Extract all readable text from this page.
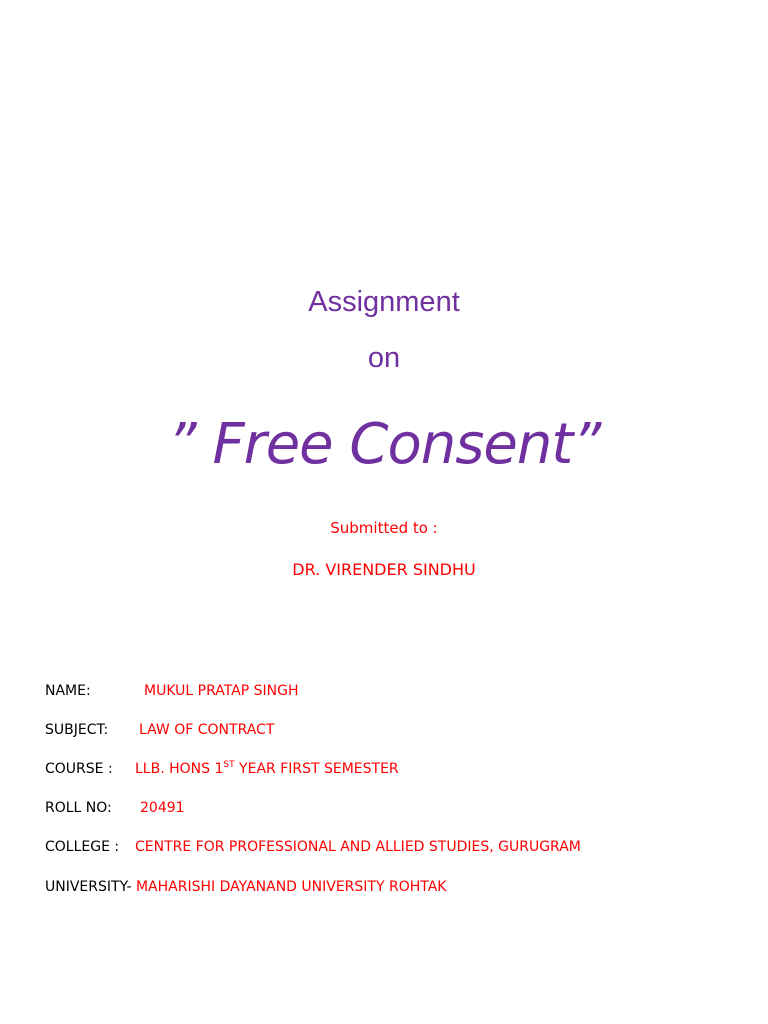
Assignment
on
” Free Consent”
Submitted to :
DR. VIRENDER SINDHU
NAME:	MUKUL PRATAP SINGH
SUBJECT: LAW OF CONTRACT
COURSE : LLB. HONS 1ST YEAR FIRST SEMESTER
ROLL NO: 20491
COLLEGE : CENTRE FOR PROFESSIONAL AND ALLIED STUDIES, GURUGRAM
UNIVERSITY- MAHARISHI DAYANAND UNIVERSITY ROHTAK
